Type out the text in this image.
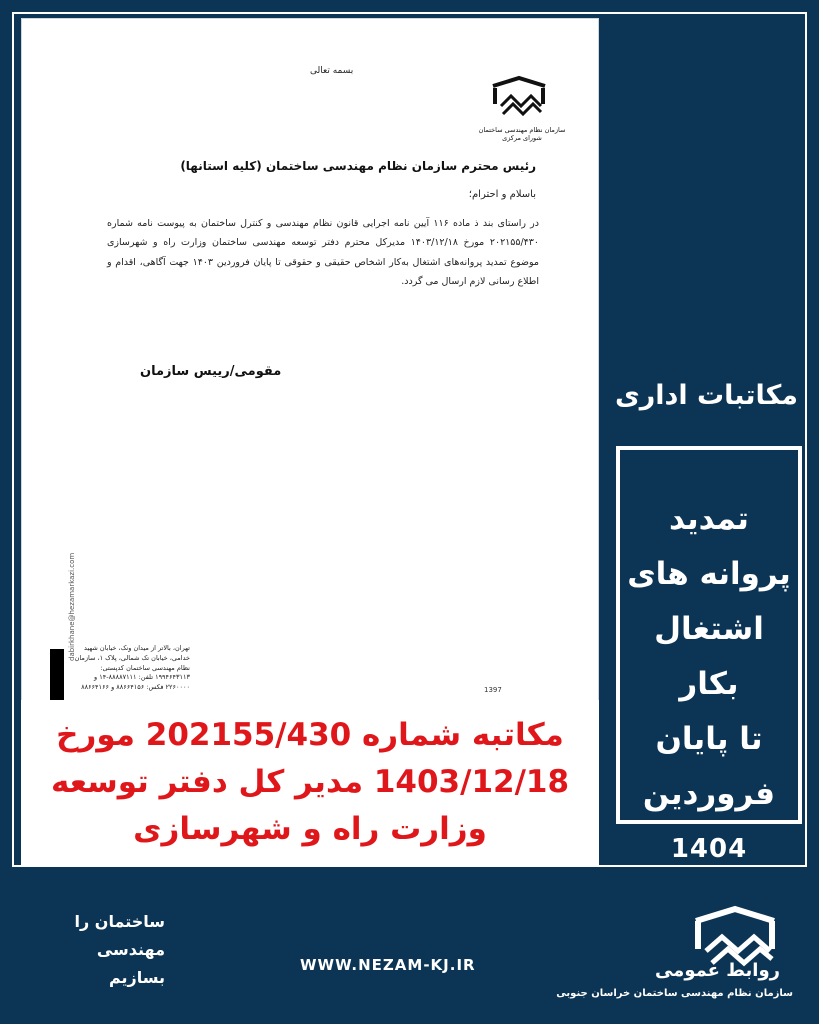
بسمه تعالی
سازمان نظام مهندسی ساختمان
شورای مرکزی
رئیس محترم سازمان نظام مهندسی ساختمان (کلیه استانها)
باسلام و احترام؛
در راستای بند ذ ماده ۱۱۶ آیین نامه اجرایی قانون نظام مهندسی و کنترل ساختمان به پیوست نامه شماره ۲۰۲۱۵۵/۴۳۰ مورخ ۱۴۰۳/۱۲/۱۸ مدیرکل محترم دفتر توسعه مهندسی ساختمان وزارت راه و شهرسازی موضوع تمدید پروانه‌های اشتغال به‌کار اشخاص حقیقی و حقوقی تا پایان فروردین ۱۴۰۳ جهت آگاهی، اقدام و اطلاع رسانی لازم ارسال می گردد.
مقومی/رییس سازمان
dabirkhane@hezamarkazi.com	تهران، بالاتر از میدان ونک، خیابان شهید خدامی، خیابان تک شمالی، پلاک ۱، سازمان نظام مهندسی ساختمان کدپستی: ۱۹۹۴۶۴۳۱۱۳ تلفن: ۸۸۸۸۷۱۱۱-۱۴ و ۲۲۶۰۰۰۰ فکس: ۸۸۶۶۴۱۵۶ و ۸۸۶۶۴۱۶۶	1397
مکاتبه شماره 202155/430 مورخ
1403/12/18 مدیر کل دفتر توسعه
وزارت راه و شهرسازی
مکاتبات اداری
تمدید
پروانه های
اشتغال بکار
تا پایان
فروردین
1404
ساختمان را
مهندسی
بسازیم
WWW.NEZAM-KJ.IR	روابط عمومی
سازمان نظام مهندسی ساختمان خراسان جنوبی
